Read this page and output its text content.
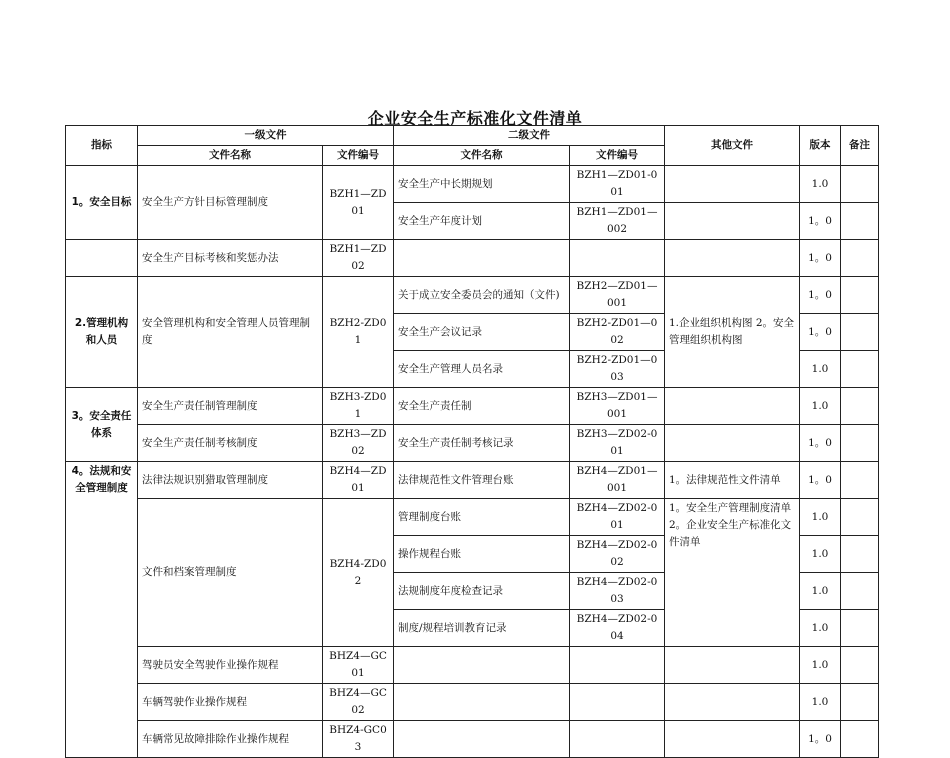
企业安全生产标准化文件清单
指标	一级文件		二级文件		其他文件	版本	备注
	文件名称	文件编号	文件名称	文件编号			
1。安全目标	安全生产方针目标管理制度	BZH1—ZD01	安全生产中长期规划	BZH1—ZD01-001		1.0	
			安全生产年度计划	BZH1—ZD01—002		1。0	
	安全生产目标考核和奖惩办法	BZH1—ZD02				1。0	
2.管理机构和人员	安全管理机构和安全管理人员管理制度	BZH2-ZD01	关于成立安全委员会的通知（文件)	BZH2—ZD01—001	1.企业组织机构图 2。安全管理组织机构图	1。0	
			安全生产会议记录	BZH2-ZD01—002		1。0	
			安全生产管理人员名录	BZH2-ZD01—003		1.0	
3。安全责任体系	安全生产责任制管理制度	BZH3-ZD01	安全生产责任制	BZH3—ZD01—001		1.0	
	安全生产责任制考核制度	BZH3—ZD02	安全生产责任制考核记录	BZH3—ZD02-001		1。0	
4。法规和安全管理制度	法律法规识别猎取管理制度	BZH4—ZD01	法律规范性文件管理台账	BZH4—ZD01—001	1。法律规范性文件清单	1。0	
	文件和档案管理制度	BZH4-ZD02	管理制度台账	BZH4—ZD02-001	1。安全生产管理制度清单 2。企业安全生产标准化文件清单	1.0	
			操作规程台账	BZH4—ZD02-002		1.0	
			法规制度年度检查记录	BZH4—ZD02-003		1.0	
			制度/规程培训教育记录	BZH4—ZD02-004		1.0	
	驾驶员安全驾驶作业操作规程	BHZ4—GC01				1.0	
	车辆驾驶作业操作规程	BHZ4—GC02				1.0	
	车辆常见故障排除作业操作规程	BHZ4-GC03				1。0	
